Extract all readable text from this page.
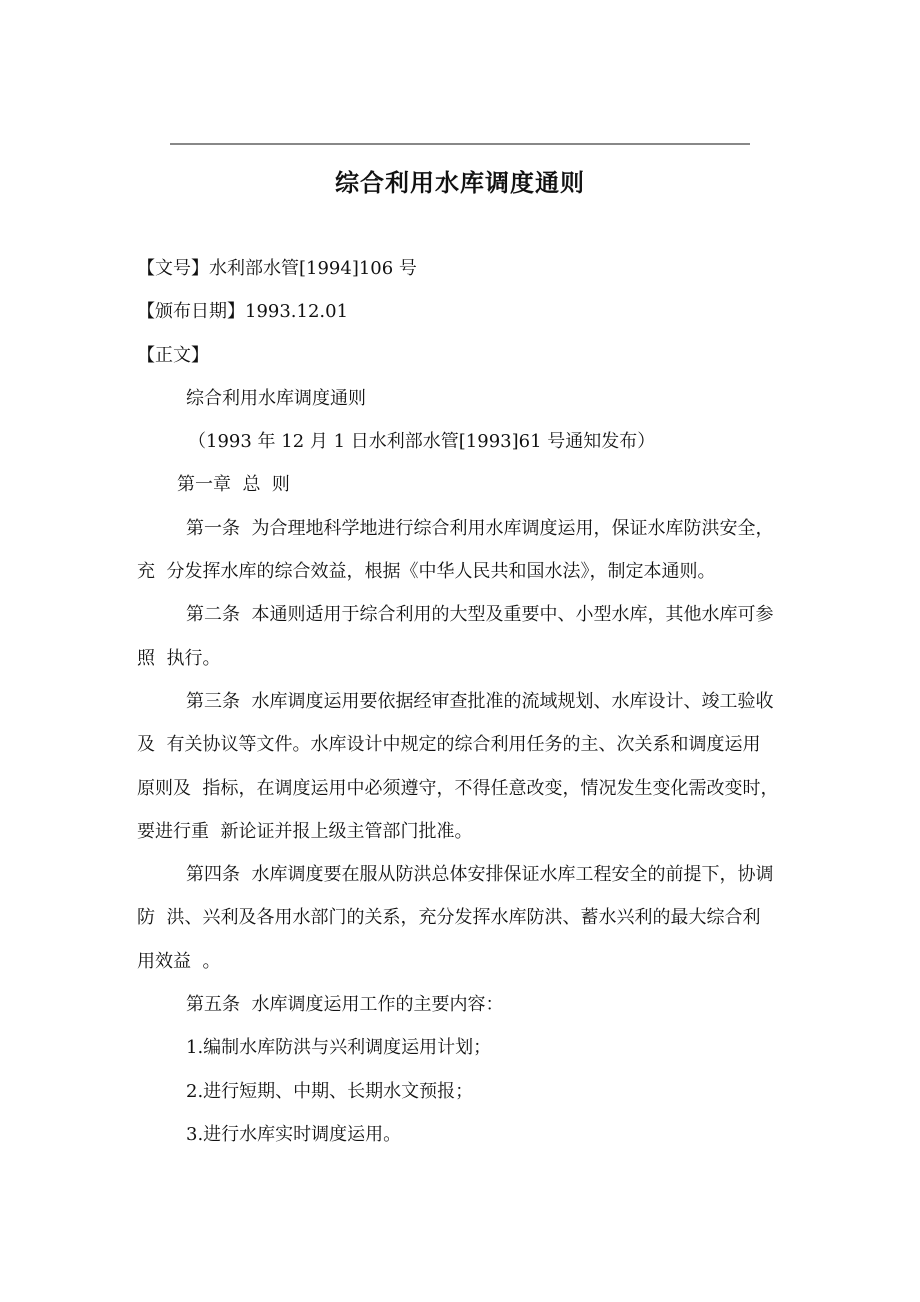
综合利用水库调度通则
【文号】水利部水管[1994]106 号
【颁布日期】1993.12.01
【正文】
综合利用水库调度通则
（1993 年 12 月 1 日水利部水管[1993]61 号通知发布）
第一章  总  则
第一条  为合理地科学地进行综合利用水库调度运用，保证水库防洪安全，
充  分发挥水库的综合效益，根据《中华人民共和国水法》，制定本通则。
第二条  本通则适用于综合利用的大型及重要中、小型水库，其他水库可参
照  执行。
第三条  水库调度运用要依据经审查批准的流域规划、水库设计、竣工验收
及  有关协议等文件。水库设计中规定的综合利用任务的主、次关系和调度运用
原则及  指标，在调度运用中必须遵守，不得任意改变，情况发生变化需改变时，
要进行重  新论证并报上级主管部门批准。
第四条  水库调度要在服从防洪总体安排保证水库工程安全的前提下，协调
防  洪、兴利及各用水部门的关系，充分发挥水库防洪、蓄水兴利的最大综合利
用效益  。
第五条  水库调度运用工作的主要内容：
1.编制水库防洪与兴利调度运用计划；
2.进行短期、中期、长期水文预报；
3.进行水库实时调度运用。
